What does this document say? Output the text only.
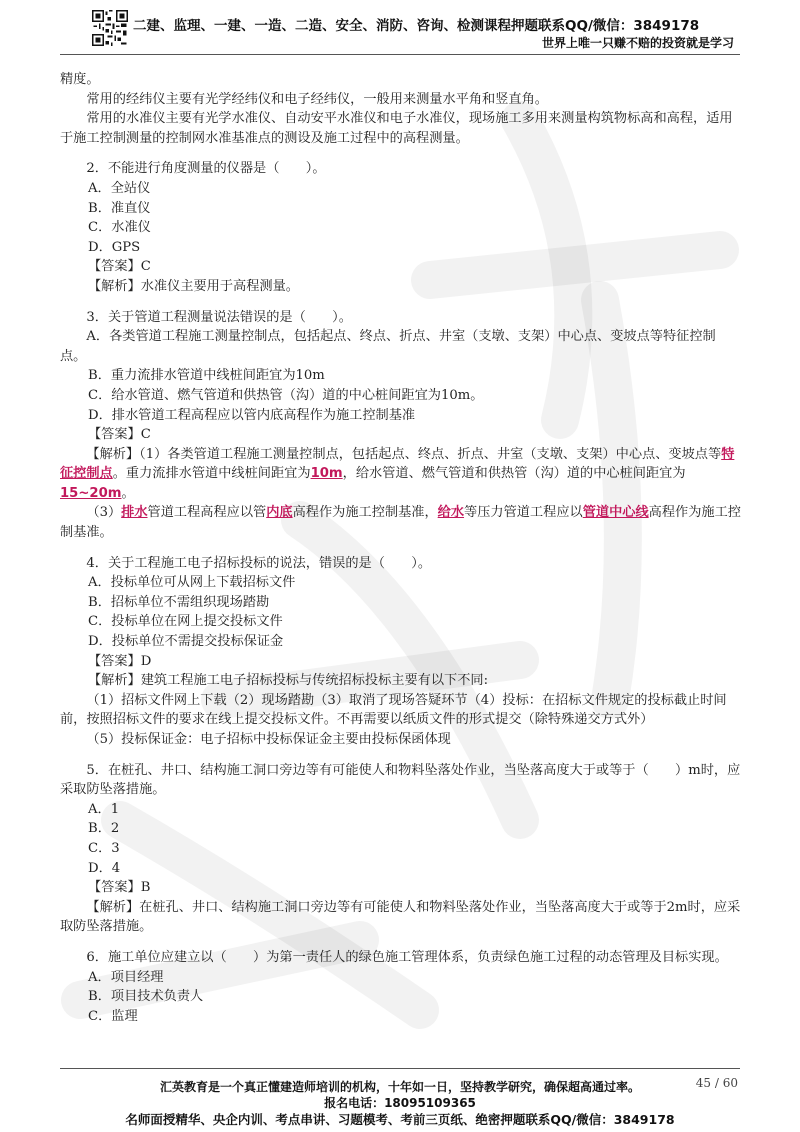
二建、监理、一建、一造、二造、安全、消防、咨询、检测课程押题联系QQ/微信：3849178
世界上唯一只赚不赔的投资就是学习
精度。
常用的经纬仪主要有光学经纬仪和电子经纬仪，一般用来测量水平角和竖直角。
常用的水准仪主要有光学水准仪、自动安平水准仪和电子水准仪，现场施工多用来测量构筑物标高和高程，适用于施工控制测量的控制网水准基准点的测设及施工过程中的高程测量。
2．不能进行角度测量的仪器是（　　）。
A．全站仪
B．准直仪
C．水准仪
D．GPS
【答案】C
【解析】水准仪主要用于高程测量。
3．关于管道工程测量说法错误的是（　　）。
A．各类管道工程施工测量控制点，包括起点、终点、折点、井室（支墩、支架）中心点、变坡点等特征控制点。
B．重力流排水管道中线桩间距宜为10m
C．给水管道、燃气管道和供热管（沟）道的中心桩间距宜为10m。
D．排水管道工程高程应以管内底高程作为施工控制基准
【答案】C
【解析】（1）各类管道工程施工测量控制点，包括起点、终点、折点、井室（支墩、支架）中心点、变坡点等特征控制点。重力流排水管道中线桩间距宜为10m，给水管道、燃气管道和供热管（沟）道的中心桩间距宜为15~20m。
（3）排水管道工程高程应以管内底高程作为施工控制基准，给水等压力管道工程应以管道中心线高程作为施工控制基准。
4．关于工程施工电子招标投标的说法，错误的是（　　）。
A．投标单位可从网上下载招标文件
B．招标单位不需组织现场踏勘
C．投标单位在网上提交投标文件
D．投标单位不需提交投标保证金
【答案】D
【解析】建筑工程施工电子招标投标与传统招标投标主要有以下不同:
（1）招标文件网上下载（2）现场踏勘（3）取消了现场答疑环节（4）投标：在招标文件规定的投标截止时间前，按照招标文件的要求在线上提交投标文件。不再需要以纸质文件的形式提交（除特殊递交方式外）
（5）投标保证金：电子招标中投标保证金主要由投标保函体现
5．在桩孔、井口、结构施工洞口旁边等有可能使人和物料坠落处作业，当坠落高度大于或等于（　　）m时，应采取防坠落措施。
A．1
B．2
C．3
D．4
【答案】B
【解析】在桩孔、井口、结构施工洞口旁边等有可能使人和物料坠落处作业，当坠落高度大于或等于2m时，应采取防坠落措施。
6．施工单位应建立以（　　）为第一责任人的绿色施工管理体系，负责绿色施工过程的动态管理及目标实现。
A．项目经理
B．项目技术负责人
C．监理
汇英教育是一个真正懂建造师培训的机构，十年如一日，坚持教学研究，确保超高通过率。
报名电话：18095109365
名师面授精华、央企内训、考点串讲、习题模考、考前三页纸、绝密押题联系QQ/微信：3849178
45 / 60
